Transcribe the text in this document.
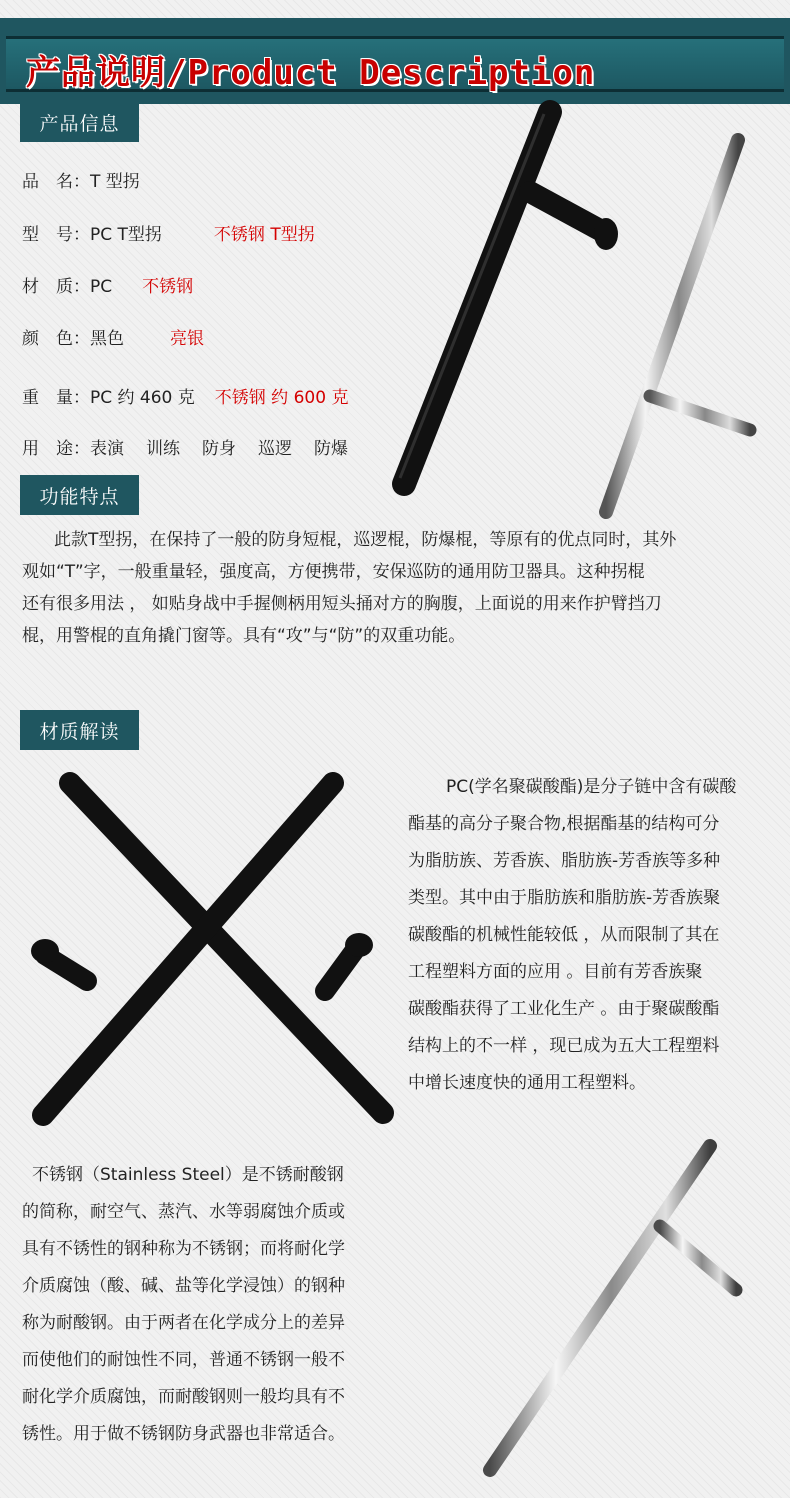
产品说明/Product Description
产品信息
品　名：T 型拐
型　号：PC T型拐	不锈钢 T型拐
材　质：PC 不锈钢
颜　色：黑色	亮银
重　量：PC 约 460 克 不锈钢 约 600 克
用　途：表演 训练 防身 巡逻 防爆
功能特点
此款T型拐，在保持了一般的防身短棍，巡逻棍，防爆棍，等原有的优点同时，其外
观如“T”字，一般重量轻，强度高，方便携带，安保巡防的通用防卫器具。这种拐棍
还有很多用法 ， 如贴身战中手握侧柄用短头捅对方的胸腹，上面说的用来作护臂挡刀
棍，用警棍的直角撬门窗等。具有“攻”与“防”的双重功能。
材质解读
PC(学名聚碳酸酯)是分子链中含有碳酸
酯基的高分子聚合物,根据酯基的结构可分
为脂肪族、芳香族、脂肪族-芳香族等多种
类型。其中由于脂肪族和脂肪族-芳香族聚
碳酸酯的机械性能较低 ，从而限制了其在
工程塑料方面的应用 。目前有芳香族聚
碳酸酯获得了工业化生产 。由于聚碳酸酯
结构上的不一样 ，现已成为五大工程塑料
中增长速度快的通用工程塑料。
不锈钢（Stainless Steel）是不锈耐酸钢
的简称，耐空气、蒸汽、水等弱腐蚀介质或
具有不锈性的钢种称为不锈钢；而将耐化学
介质腐蚀（酸、碱、盐等化学浸蚀）的钢种
称为耐酸钢。由于两者在化学成分上的差异
而使他们的耐蚀性不同，普通不锈钢一般不
耐化学介质腐蚀，而耐酸钢则一般均具有不
锈性。用于做不锈钢防身武器也非常适合。
